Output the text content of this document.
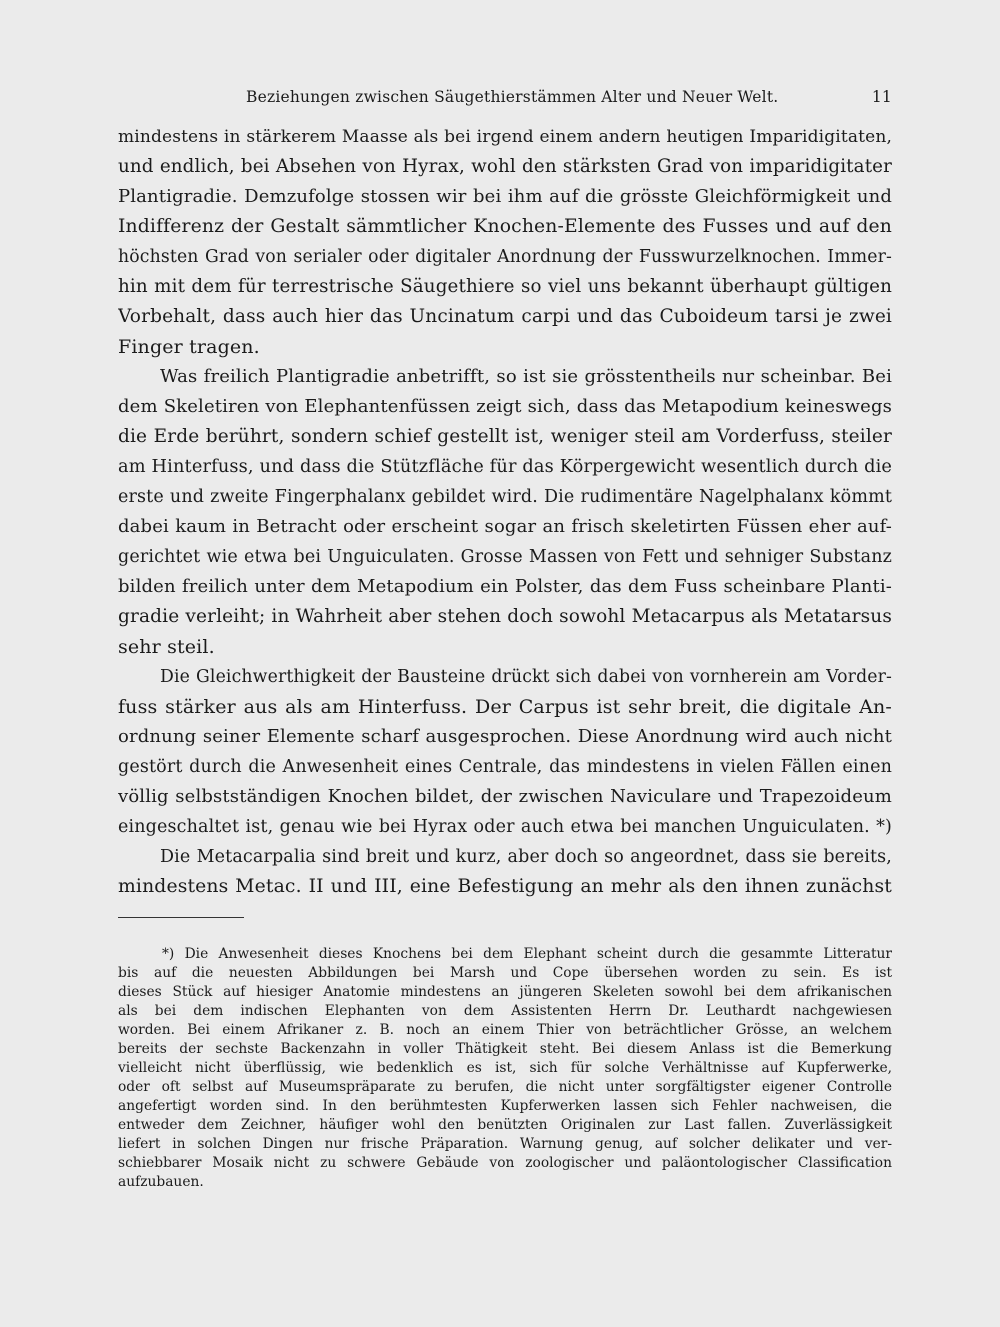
Beziehungen zwischen Säugethierstämmen Alter und Neuer Welt.	11
mindestens in stärkerem Maasse als bei irgend einem andern heutigen Imparidigitaten,
und endlich, bei Absehen von Hyrax, wohl den stärksten Grad von imparidigitater
Plantigradie. Demzufolge stossen wir bei ihm auf die grösste Gleichförmigkeit und
Indifferenz der Gestalt sämmtlicher Knochen-Elemente des Fusses und auf den
höchsten Grad von serialer oder digitaler Anordnung der Fusswurzelknochen. Immer-
hin mit dem für terrestrische Säugethiere so viel uns bekannt überhaupt gültigen
Vorbehalt, dass auch hier das Uncinatum carpi und das Cuboideum tarsi je zwei
Finger tragen.
Was freilich Plantigradie anbetrifft, so ist sie grösstentheils nur scheinbar. Bei
dem Skeletiren von Elephantenfüssen zeigt sich, dass das Metapodium keineswegs
die Erde berührt, sondern schief gestellt ist, weniger steil am Vorderfuss, steiler
am Hinterfuss, und dass die Stützfläche für das Körpergewicht wesentlich durch die
erste und zweite Fingerphalanx gebildet wird. Die rudimentäre Nagelphalanx kömmt
dabei kaum in Betracht oder erscheint sogar an frisch skeletirten Füssen eher auf-
gerichtet wie etwa bei Unguiculaten. Grosse Massen von Fett und sehniger Substanz
bilden freilich unter dem Metapodium ein Polster, das dem Fuss scheinbare Planti-
gradie verleiht; in Wahrheit aber stehen doch sowohl Metacarpus als Metatarsus
sehr steil.
Die Gleichwerthigkeit der Bausteine drückt sich dabei von vornherein am Vorder-
fuss stärker aus als am Hinterfuss. Der Carpus ist sehr breit, die digitale An-
ordnung seiner Elemente scharf ausgesprochen. Diese Anordnung wird auch nicht
gestört durch die Anwesenheit eines Centrale, das mindestens in vielen Fällen einen
völlig selbstständigen Knochen bildet, der zwischen Naviculare und Trapezoideum
eingeschaltet ist, genau wie bei Hyrax oder auch etwa bei manchen Unguiculaten. *)
Die Metacarpalia sind breit und kurz, aber doch so angeordnet, dass sie bereits,
mindestens Metac. II und III, eine Befestigung an mehr als den ihnen zunächst
*) Die Anwesenheit dieses Knochens bei dem Elephant scheint durch die gesammte Litteratur
bis auf die neuesten Abbildungen bei Marsh und Cope übersehen worden zu sein. Es ist
dieses Stück auf hiesiger Anatomie mindestens an jüngeren Skeleten sowohl bei dem afrikanischen
als bei dem indischen Elephanten von dem Assistenten Herrn Dr. Leuthardt nachgewiesen
worden. Bei einem Afrikaner z. B. noch an einem Thier von beträchtlicher Grösse, an welchem
bereits der sechste Backenzahn in voller Thätigkeit steht. Bei diesem Anlass ist die Bemerkung
vielleicht nicht überflüssig, wie bedenklich es ist, sich für solche Verhältnisse auf Kupferwerke,
oder oft selbst auf Museumspräparate zu berufen, die nicht unter sorgfältigster eigener Controlle
angefertigt worden sind. In den berühmtesten Kupferwerken lassen sich Fehler nachweisen, die
entweder dem Zeichner, häufiger wohl den benützten Originalen zur Last fallen. Zuverlässigkeit
liefert in solchen Dingen nur frische Präparation. Warnung genug, auf solcher delikater und ver-
schiebbarer Mosaik nicht zu schwere Gebäude von zoologischer und paläontologischer Classification
aufzubauen.
